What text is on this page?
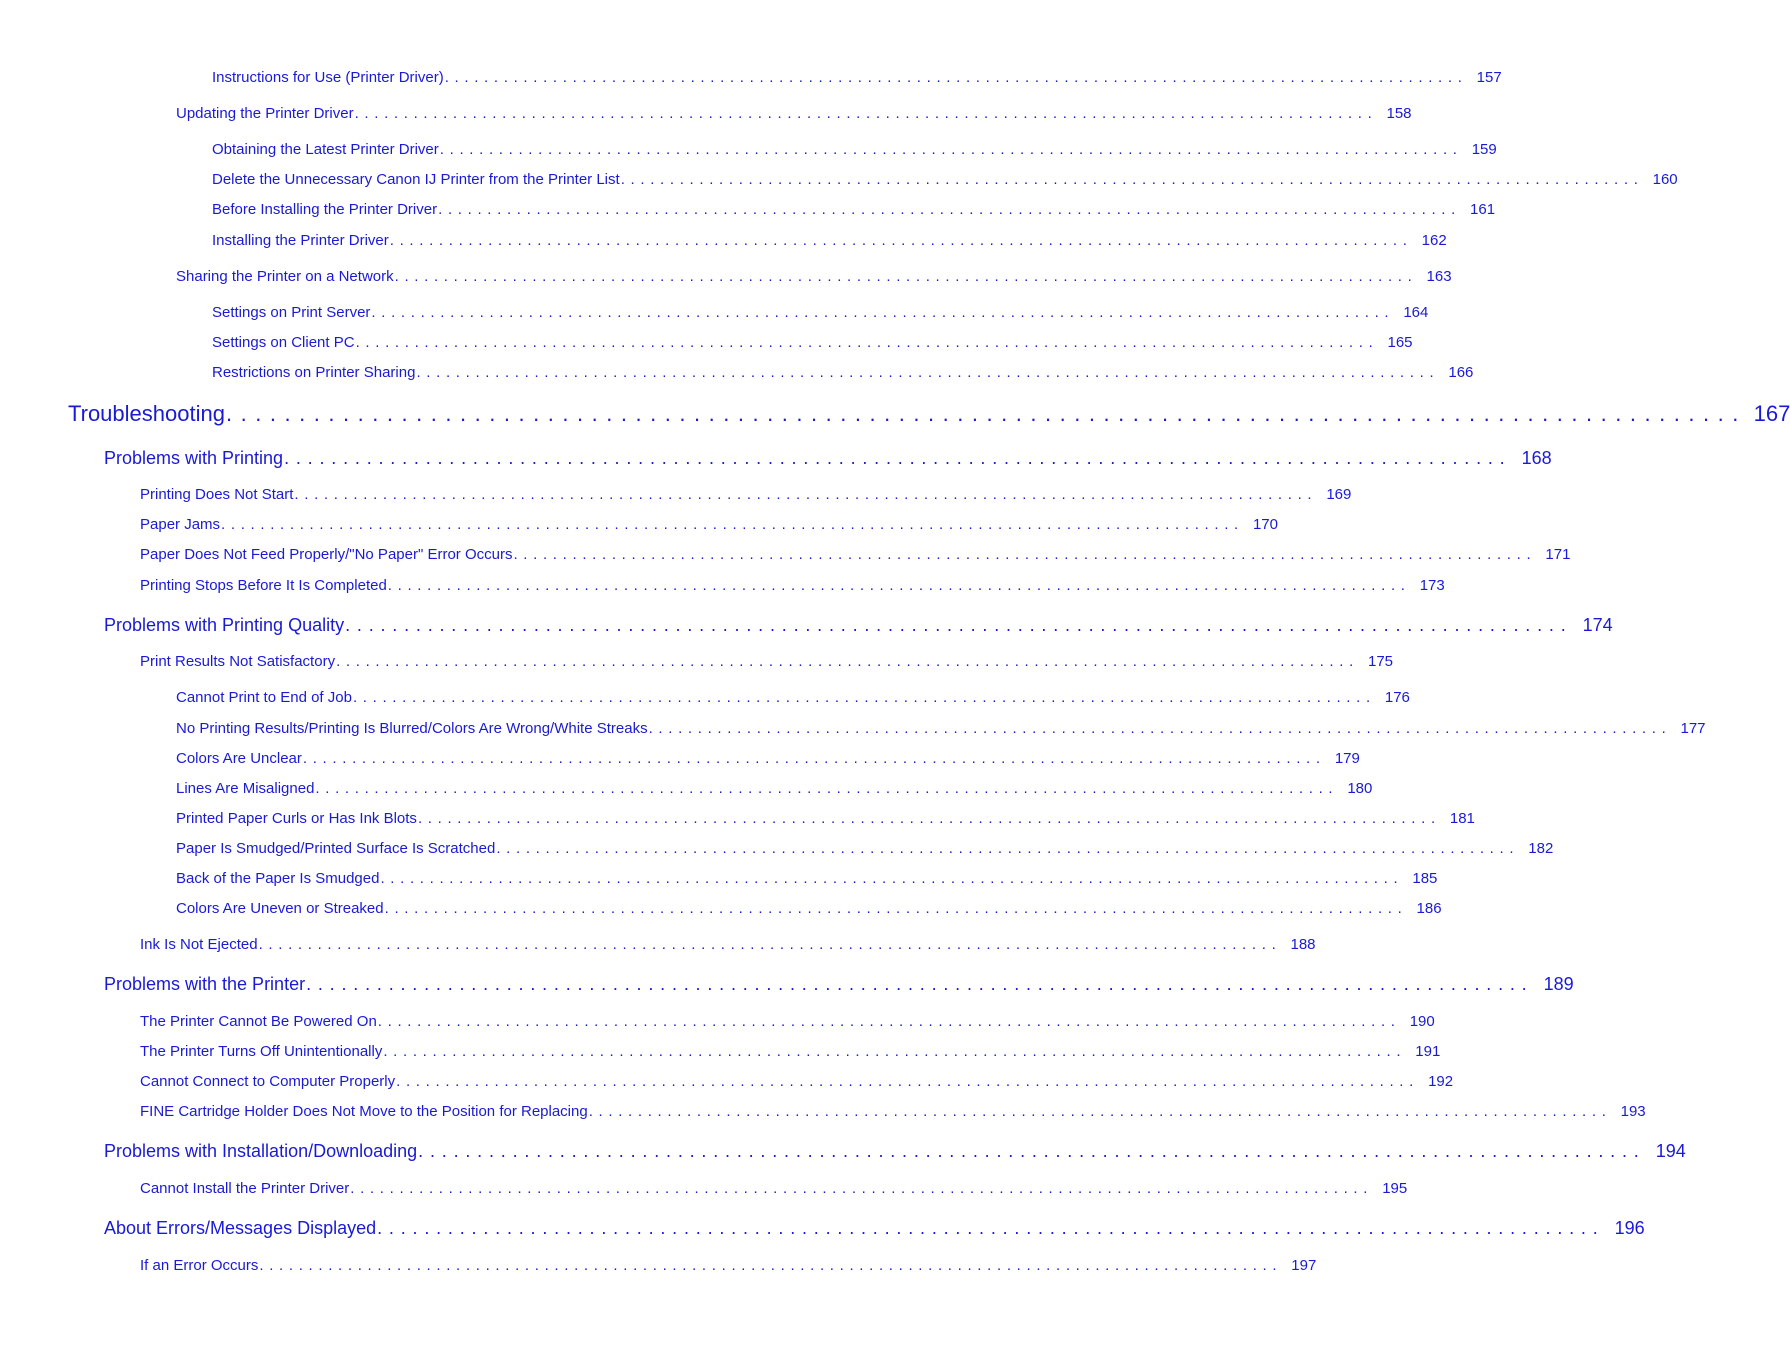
Instructions for Use (Printer Driver) . . . . . . . . . . . . . . . . . . . . . . . . . . . . . . . . . . . . . . . . . . . . . . . . . . . . . . . . . . . . . . . . . . . . . . . . . . . . . . . . . . . . . . . . . . . . . . . . . . . . . . . . 157
Updating the Printer Driver . . . . . . . . . . . . . . . . . . . . . . . . . . . . . . . . . . . . . . . . . . . . . . . . . . . . . . . . . . . . . . . . . . . . . . . . . . . . . . . . . . . . . . . . . . . . . . . . . . . . . . . . 158
Obtaining the Latest Printer Driver . . . . . . . . . . . . . . . . . . . . . . . . . . . . . . . . . . . . . . . . . . . . . . . . . . . . . . . . . . . . . . . . . . . . . . . . . . . . . . . . . . . . . . . . . . . . . . . . . . . . . . . . 159
Delete the Unnecessary Canon IJ Printer from the Printer List . . . . . . . . . . . . . . . . . . . . . . . . . . . . . . . . . . . . . . . . . . . . . . . . . . . . . . . . . . . . . . . . . . . . . . . . . . . . . . . . . . . . . . . . . . . . . . . . . . . . . . . . 160
Before Installing the Printer Driver . . . . . . . . . . . . . . . . . . . . . . . . . . . . . . . . . . . . . . . . . . . . . . . . . . . . . . . . . . . . . . . . . . . . . . . . . . . . . . . . . . . . . . . . . . . . . . . . . . . . . . . . 161
Installing the Printer Driver . . . . . . . . . . . . . . . . . . . . . . . . . . . . . . . . . . . . . . . . . . . . . . . . . . . . . . . . . . . . . . . . . . . . . . . . . . . . . . . . . . . . . . . . . . . . . . . . . . . . . . . . 162
Sharing the Printer on a Network . . . . . . . . . . . . . . . . . . . . . . . . . . . . . . . . . . . . . . . . . . . . . . . . . . . . . . . . . . . . . . . . . . . . . . . . . . . . . . . . . . . . . . . . . . . . . . . . . . . . . . . . 163
Settings on Print Server . . . . . . . . . . . . . . . . . . . . . . . . . . . . . . . . . . . . . . . . . . . . . . . . . . . . . . . . . . . . . . . . . . . . . . . . . . . . . . . . . . . . . . . . . . . . . . . . . . . . . . . . 164
Settings on Client PC . . . . . . . . . . . . . . . . . . . . . . . . . . . . . . . . . . . . . . . . . . . . . . . . . . . . . . . . . . . . . . . . . . . . . . . . . . . . . . . . . . . . . . . . . . . . . . . . . . . . . . . . 165
Restrictions on Printer Sharing . . . . . . . . . . . . . . . . . . . . . . . . . . . . . . . . . . . . . . . . . . . . . . . . . . . . . . . . . . . . . . . . . . . . . . . . . . . . . . . . . . . . . . . . . . . . . . . . . . . . . . . . 166
Troubleshooting . . . . . . . . . . . . . . . . . . . . . . . . . . . . . . . . . . . . . . . . . . . . . . . . . . . . . . . . . . . . . . . . . . . . . . . . . . . . . . . . . . . . . . . . . . . . . . . . . . . . . . . . 167
Problems with Printing . . . . . . . . . . . . . . . . . . . . . . . . . . . . . . . . . . . . . . . . . . . . . . . . . . . . . . . . . . . . . . . . . . . . . . . . . . . . . . . . . . . . . . . . . . . . . . . . . . . . . . . . 168
Printing Does Not Start . . . . . . . . . . . . . . . . . . . . . . . . . . . . . . . . . . . . . . . . . . . . . . . . . . . . . . . . . . . . . . . . . . . . . . . . . . . . . . . . . . . . . . . . . . . . . . . . . . . . . . . . 169
Paper Jams . . . . . . . . . . . . . . . . . . . . . . . . . . . . . . . . . . . . . . . . . . . . . . . . . . . . . . . . . . . . . . . . . . . . . . . . . . . . . . . . . . . . . . . . . . . . . . . . . . . . . . . . 170
Paper Does Not Feed Properly/"No Paper" Error Occurs . . . . . . . . . . . . . . . . . . . . . . . . . . . . . . . . . . . . . . . . . . . . . . . . . . . . . . . . . . . . . . . . . . . . . . . . . . . . . . . . . . . . . . . . . . . . . . . . . . . . . . . . 171
Printing Stops Before It Is Completed . . . . . . . . . . . . . . . . . . . . . . . . . . . . . . . . . . . . . . . . . . . . . . . . . . . . . . . . . . . . . . . . . . . . . . . . . . . . . . . . . . . . . . . . . . . . . . . . . . . . . . . . 173
Problems with Printing Quality . . . . . . . . . . . . . . . . . . . . . . . . . . . . . . . . . . . . . . . . . . . . . . . . . . . . . . . . . . . . . . . . . . . . . . . . . . . . . . . . . . . . . . . . . . . . . . . . . . . . . . . . 174
Print Results Not Satisfactory . . . . . . . . . . . . . . . . . . . . . . . . . . . . . . . . . . . . . . . . . . . . . . . . . . . . . . . . . . . . . . . . . . . . . . . . . . . . . . . . . . . . . . . . . . . . . . . . . . . . . . . . 175
Cannot Print to End of Job . . . . . . . . . . . . . . . . . . . . . . . . . . . . . . . . . . . . . . . . . . . . . . . . . . . . . . . . . . . . . . . . . . . . . . . . . . . . . . . . . . . . . . . . . . . . . . . . . . . . . . . . 176
No Printing Results/Printing Is Blurred/Colors Are Wrong/White Streaks . . . . . . . . . . . . . . . . . . . . . . . . . . . . . . . . . . . . . . . . . . . . . . . . . . . . . . . . . . . . . . . . . . . . . . . . . . . . . . . . . . . . . . . . . . . . . . . . . . . . . . . . 177
Colors Are Unclear . . . . . . . . . . . . . . . . . . . . . . . . . . . . . . . . . . . . . . . . . . . . . . . . . . . . . . . . . . . . . . . . . . . . . . . . . . . . . . . . . . . . . . . . . . . . . . . . . . . . . . . . 179
Lines Are Misaligned . . . . . . . . . . . . . . . . . . . . . . . . . . . . . . . . . . . . . . . . . . . . . . . . . . . . . . . . . . . . . . . . . . . . . . . . . . . . . . . . . . . . . . . . . . . . . . . . . . . . . . . . 180
Printed Paper Curls or Has Ink Blots . . . . . . . . . . . . . . . . . . . . . . . . . . . . . . . . . . . . . . . . . . . . . . . . . . . . . . . . . . . . . . . . . . . . . . . . . . . . . . . . . . . . . . . . . . . . . . . . . . . . . . . . 181
Paper Is Smudged/Printed Surface Is Scratched . . . . . . . . . . . . . . . . . . . . . . . . . . . . . . . . . . . . . . . . . . . . . . . . . . . . . . . . . . . . . . . . . . . . . . . . . . . . . . . . . . . . . . . . . . . . . . . . . . . . . . . . 182
Back of the Paper Is Smudged . . . . . . . . . . . . . . . . . . . . . . . . . . . . . . . . . . . . . . . . . . . . . . . . . . . . . . . . . . . . . . . . . . . . . . . . . . . . . . . . . . . . . . . . . . . . . . . . . . . . . . . . 185
Colors Are Uneven or Streaked . . . . . . . . . . . . . . . . . . . . . . . . . . . . . . . . . . . . . . . . . . . . . . . . . . . . . . . . . . . . . . . . . . . . . . . . . . . . . . . . . . . . . . . . . . . . . . . . . . . . . . . . 186
Ink Is Not Ejected . . . . . . . . . . . . . . . . . . . . . . . . . . . . . . . . . . . . . . . . . . . . . . . . . . . . . . . . . . . . . . . . . . . . . . . . . . . . . . . . . . . . . . . . . . . . . . . . . . . . . . . . 188
Problems with the Printer . . . . . . . . . . . . . . . . . . . . . . . . . . . . . . . . . . . . . . . . . . . . . . . . . . . . . . . . . . . . . . . . . . . . . . . . . . . . . . . . . . . . . . . . . . . . . . . . . . . . . . . . 189
The Printer Cannot Be Powered On . . . . . . . . . . . . . . . . . . . . . . . . . . . . . . . . . . . . . . . . . . . . . . . . . . . . . . . . . . . . . . . . . . . . . . . . . . . . . . . . . . . . . . . . . . . . . . . . . . . . . . . . 190
The Printer Turns Off Unintentionally . . . . . . . . . . . . . . . . . . . . . . . . . . . . . . . . . . . . . . . . . . . . . . . . . . . . . . . . . . . . . . . . . . . . . . . . . . . . . . . . . . . . . . . . . . . . . . . . . . . . . . . . 191
Cannot Connect to Computer Properly . . . . . . . . . . . . . . . . . . . . . . . . . . . . . . . . . . . . . . . . . . . . . . . . . . . . . . . . . . . . . . . . . . . . . . . . . . . . . . . . . . . . . . . . . . . . . . . . . . . . . . . . 192
FINE Cartridge Holder Does Not Move to the Position for Replacing . . . . . . . . . . . . . . . . . . . . . . . . . . . . . . . . . . . . . . . . . . . . . . . . . . . . . . . . . . . . . . . . . . . . . . . . . . . . . . . . . . . . . . . . . . . . . . . . . . . . . . . . 193
Problems with Installation/Downloading . . . . . . . . . . . . . . . . . . . . . . . . . . . . . . . . . . . . . . . . . . . . . . . . . . . . . . . . . . . . . . . . . . . . . . . . . . . . . . . . . . . . . . . . . . . . . . . . . . . . . . . . 194
Cannot Install the Printer Driver . . . . . . . . . . . . . . . . . . . . . . . . . . . . . . . . . . . . . . . . . . . . . . . . . . . . . . . . . . . . . . . . . . . . . . . . . . . . . . . . . . . . . . . . . . . . . . . . . . . . . . . . 195
About Errors/Messages Displayed . . . . . . . . . . . . . . . . . . . . . . . . . . . . . . . . . . . . . . . . . . . . . . . . . . . . . . . . . . . . . . . . . . . . . . . . . . . . . . . . . . . . . . . . . . . . . . . . . . . . . . . . 196
If an Error Occurs . . . . . . . . . . . . . . . . . . . . . . . . . . . . . . . . . . . . . . . . . . . . . . . . . . . . . . . . . . . . . . . . . . . . . . . . . . . . . . . . . . . . . . . . . . . . . . . . . . . . . . . . 197
